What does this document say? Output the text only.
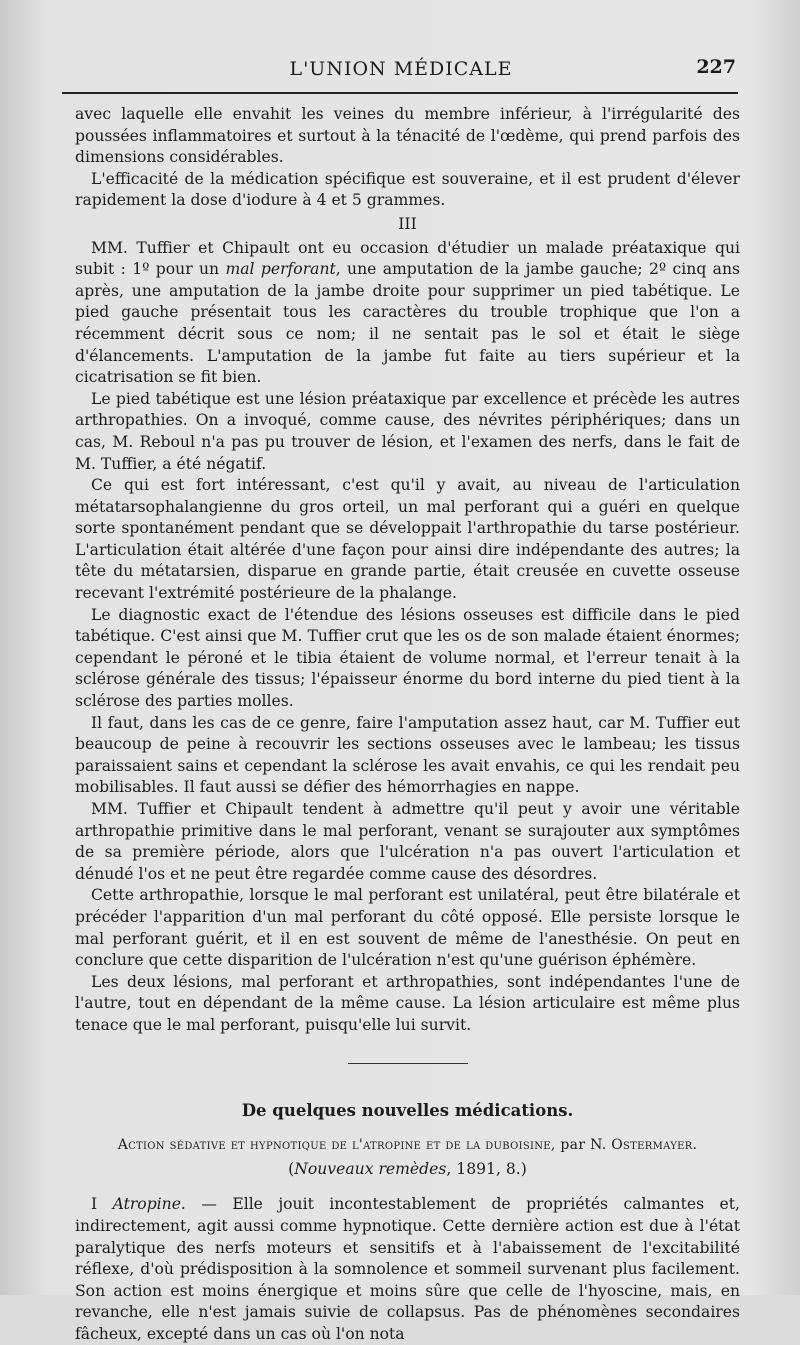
L'UNION MÉDICALE	227

avec laquelle elle envahit les veines du membre inférieur, à l'irrégularité des poussées inflammatoires et surtout à la ténacité de l'œdème, qui prend parfois des dimensions considérables.

L'efficacité de la médication spécifique est souveraine, et il est prudent d'élever rapidement la dose d'iodure à 4 et 5 grammes.

III

MM. Tuffier et Chipault ont eu occasion d'étudier un malade préataxique qui subit : 1º pour un mal perforant, une amputation de la jambe gauche; 2º cinq ans après, une amputation de la jambe droite pour supprimer un pied tabétique. Le pied gauche présentait tous les caractères du trouble trophique que l'on a récemment décrit sous ce nom; il ne sentait pas le sol et était le siège d'élancements. L'amputation de la jambe fut faite au tiers supérieur et la cicatrisation se fit bien.

Le pied tabétique est une lésion préataxique par excellence et précède les autres arthropathies. On a invoqué, comme cause, des névrites périphériques; dans un cas, M. Reboul n'a pas pu trouver de lésion, et l'examen des nerfs, dans le fait de M. Tuffier, a été négatif.

Ce qui est fort intéressant, c'est qu'il y avait, au niveau de l'articulation métatarsophalangienne du gros orteil, un mal perforant qui a guéri en quelque sorte spontanément pendant que se développait l'arthropathie du tarse postérieur. L'articulation était altérée d'une façon pour ainsi dire indépendante des autres; la tête du métatarsien, disparue en grande partie, était creusée en cuvette osseuse recevant l'extrémité postérieure de la phalange.

Le diagnostic exact de l'étendue des lésions osseuses est difficile dans le pied tabétique. C'est ainsi que M. Tuffier crut que les os de son malade étaient énormes; cependant le péroné et le tibia étaient de volume normal, et l'erreur tenait à la sclérose générale des tissus; l'épaisseur énorme du bord interne du pied tient à la sclérose des parties molles.

Il faut, dans les cas de ce genre, faire l'amputation assez haut, car M. Tuffier eut beaucoup de peine à recouvrir les sections osseuses avec le lambeau; les tissus paraissaient sains et cependant la sclérose les avait envahis, ce qui les rendait peu mobilisables. Il faut aussi se défier des hémorrhagies en nappe.

MM. Tuffier et Chipault tendent à admettre qu'il peut y avoir une véritable arthropathie primitive dans le mal perforant, venant se surajouter aux symptômes de sa première période, alors que l'ulcération n'a pas ouvert l'articulation et dénudé l'os et ne peut être regardée comme cause des désordres.

Cette arthropathie, lorsque le mal perforant est unilatéral, peut être bilatérale et précéder l'apparition d'un mal perforant du côté opposé. Elle persiste lorsque le mal perforant guérit, et il en est souvent de même de l'anesthésie. On peut en conclure que cette disparition de l'ulcération n'est qu'une guérison éphémère.

Les deux lésions, mal perforant et arthropathies, sont indépendantes l'une de l'autre, tout en dépendant de la même cause. La lésion articulaire est même plus tenace que le mal perforant, puisqu'elle lui survit.

De quelques nouvelles médications.
Action sédative et hypnotique de l'atropine et de la duboisine, par N. Ostermayer.
(Nouveaux remèdes, 1891, 8.)

I Atropine. — Elle jouit incontestablement de propriétés calmantes et, indirectement, agit aussi comme hypnotique. Cette dernière action est due à l'état paralytique des nerfs moteurs et sensitifs et à l'abaissement de l'excitabilité réflexe, d'où prédisposition à la somnolence et sommeil survenant plus facilement. Son action est moins énergique et moins sûre que celle de l'hyoscine, mais, en revanche, elle n'est jamais suivie de collapsus. Pas de phénomènes secondaires fâcheux, excepté dans un cas où l'on nota
